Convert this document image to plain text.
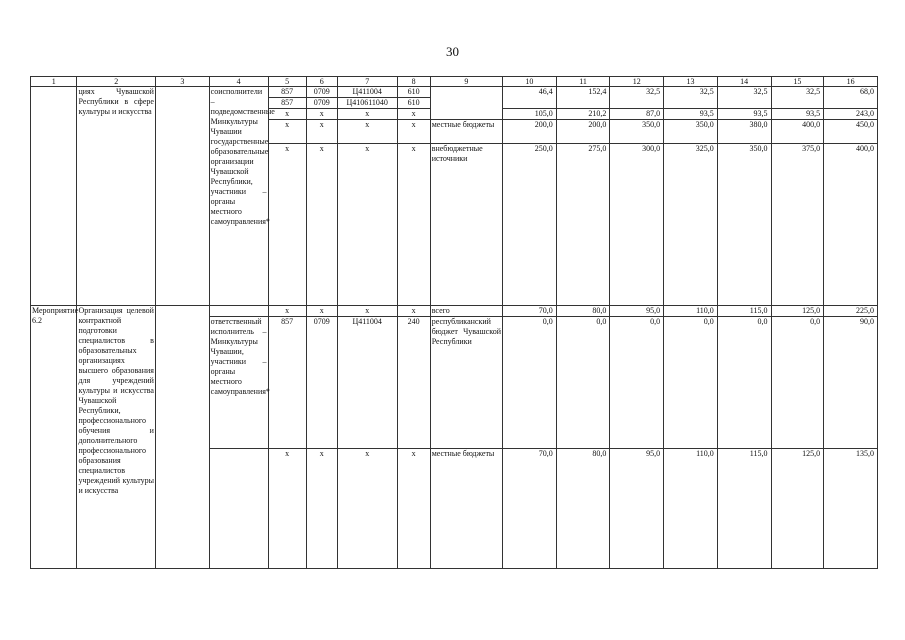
30
1	2	3	4	5	6	7	8	9	10	11	12	13	14	15	16
	циях Чувашской Республики в сфере культуры и искусства		соисполнители – подведомственные Минкультуры Чувашии государственные образовательные организации Чувашской Республики, участники – органы местного самоуправления*	857	0709	Ц411004	610		46,4	152,4	32,5	32,5	32,5	32,5	68,0
				857	0709	Ц410611040	610								
				х	х	х	х		105,0	210,2	87,0	93,5	93,5	93,5	243,0
				х	х	х	х	местные бюджеты	200,0	200,0	350,0	350,0	380,0	400,0	450,0
				х	х	х	х	внебюджетные источники	250,0	275,0	300,0	325,0	350,0	375,0	400,0
Мероприятие 6.2	Организация целевой контрактной подготовки специалистов в образовательных организациях высшего образования для учреждений культуры и искусства Чувашской Республики, профессионального обучения и дополнительного профессионального образования специалистов учреждений культуры и искусства			х	х	х	х	всего	70,0	80,0	95,0	110,0	115,0	125,0	225,0
			ответственный исполнитель – Минкультуры Чувашии, участники – органы местного самоуправления*	857	0709	Ц411004	240	республиканский бюджет Чувашской Республики	0,0	0,0	0,0	0,0	0,0	0,0	90,0
				х	х	х	х	местные бюджеты	70,0	80,0	95,0	110,0	115,0	125,0	135,0
